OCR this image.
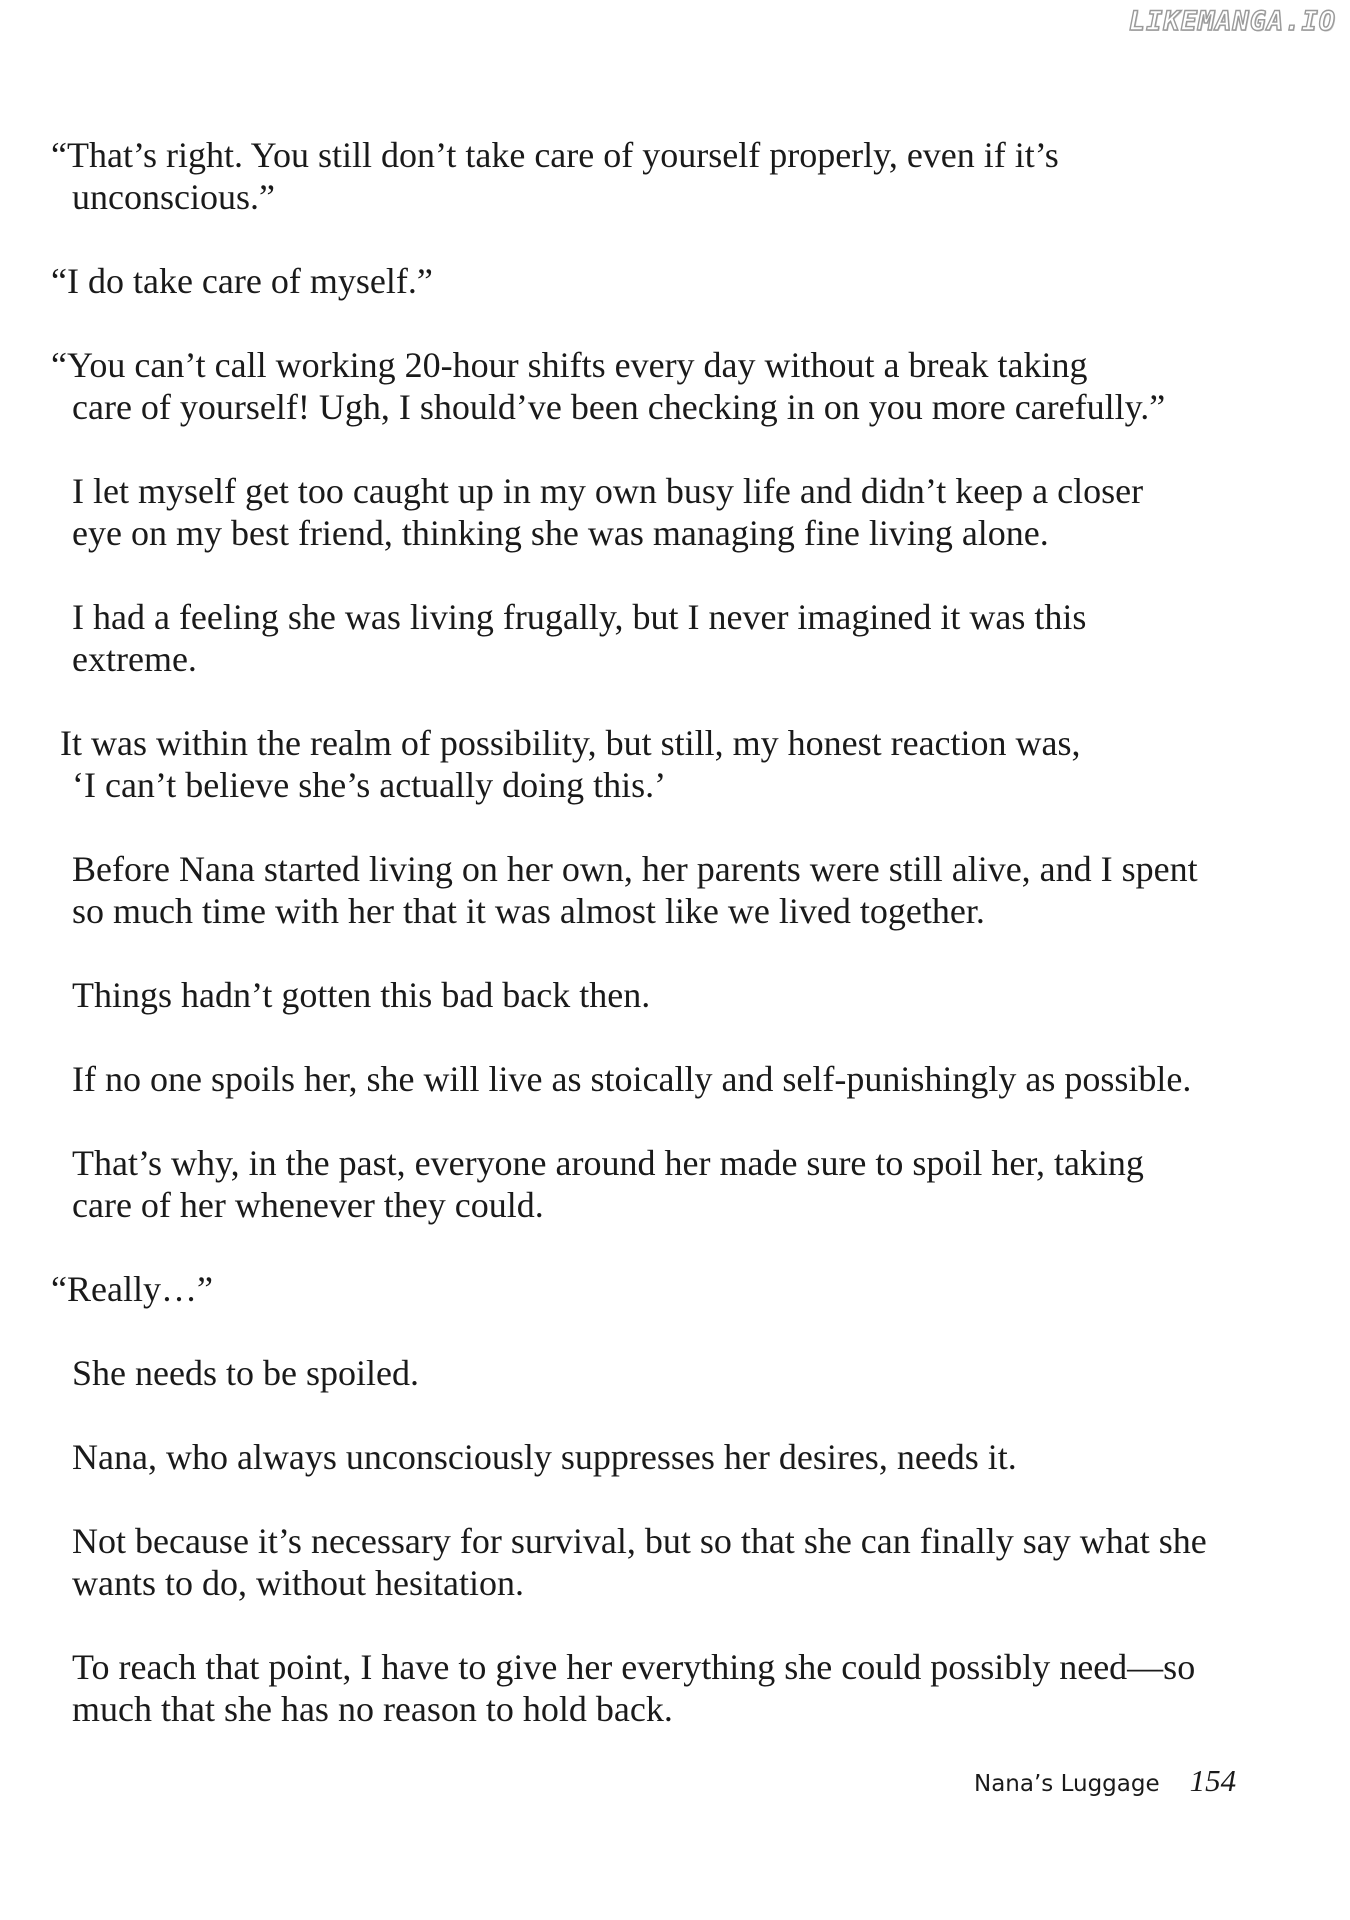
LIKEMANGA.IO

“That’s right. You still don’t take care of yourself properly, even if it’s
unconscious.”

“I do take care of myself.”

“You can’t call working 20-hour shifts every day without a break taking
care of yourself! Ugh, I should’ve been checking in on you more carefully.”

I let myself get too caught up in my own busy life and didn’t keep a closer
eye on my best friend, thinking she was managing fine living alone.

I had a feeling she was living frugally, but I never imagined it was this
extreme.

It was within the realm of possibility, but still, my honest reaction was,
‘I can’t believe she’s actually doing this.’

Before Nana started living on her own, her parents were still alive, and I spent
so much time with her that it was almost like we lived together.

Things hadn’t gotten this bad back then.

If no one spoils her, she will live as stoically and self-punishingly as possible.

That’s why, in the past, everyone around her made sure to spoil her, taking
care of her whenever they could.

“Really…”

She needs to be spoiled.

Nana, who always unconsciously suppresses her desires, needs it.

Not because it’s necessary for survival, but so that she can finally say what she
wants to do, without hesitation.

To reach that point, I have to give her everything she could possibly need—so
much that she has no reason to hold back.

Nana’s Luggage 154
